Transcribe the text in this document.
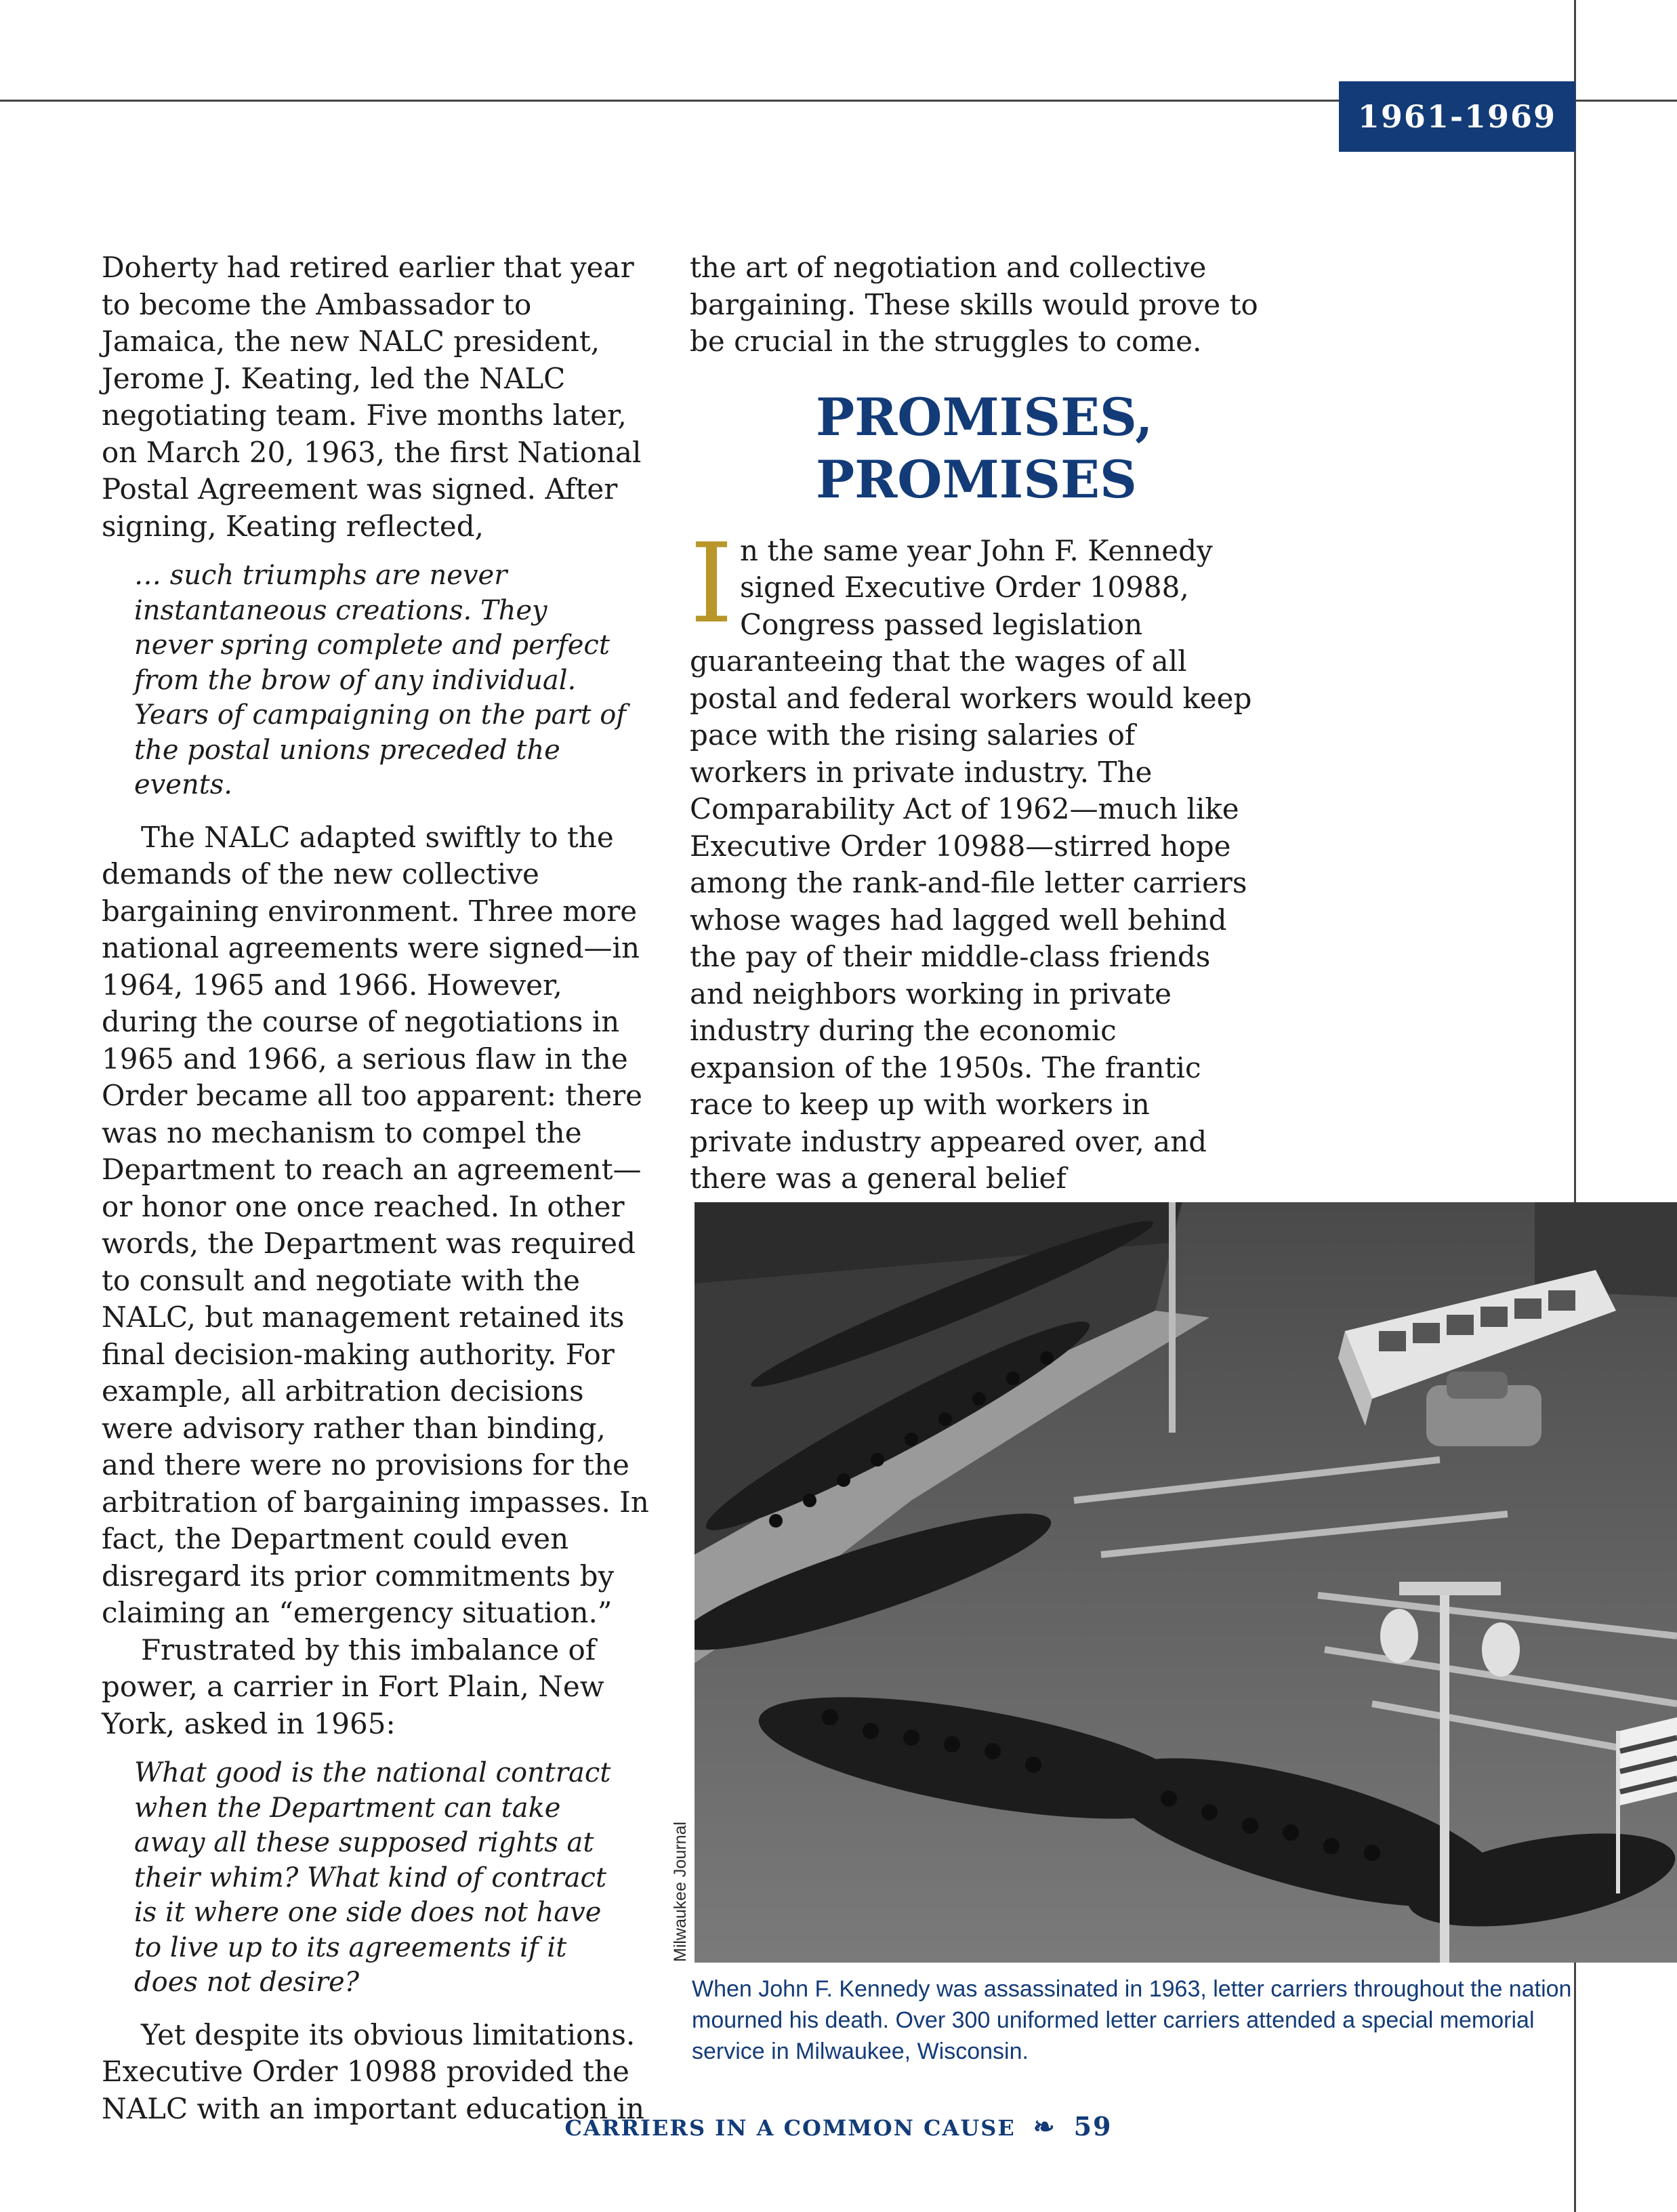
1961-1969

Doherty had retired earlier that year to become the Ambassador to Jamaica, the new NALC president, Jerome J. Keating, led the NALC negotiating team. Five months later, on March 20, 1963, the first National Postal Agreement was signed. After signing, Keating reflected,

… such triumphs are never instantaneous creations. They never spring complete and perfect from the brow of any individual. Years of campaigning on the part of the postal unions preceded the events.

The NALC adapted swiftly to the demands of the new collective bargaining environment. Three more national agreements were signed—in 1964, 1965 and 1966. However, during the course of negotiations in 1965 and 1966, a serious flaw in the Order became all too apparent: there was no mechanism to compel the Department to reach an agreement—or honor one once reached. In other words, the Department was required to consult and negotiate with the NALC, but management retained its final decision-making authority. For example, all arbitration decisions were advisory rather than binding, and there were no provisions for the arbitration of bargaining impasses. In fact, the Department could even disregard its prior commitments by claiming an “emergency situation.”

Frustrated by this imbalance of power, a carrier in Fort Plain, New York, asked in 1965:

What good is the national contract when the Department can take away all these supposed rights at their whim? What kind of contract is it where one side does not have to live up to its agreements if it does not desire?

Yet despite its obvious limitations. Executive Order 10988 provided the NALC with an important education in

the art of negotiation and collective bargaining. These skills would prove to be crucial in the struggles to come.

PROMISES,
PROMISES

In the same year John F. Kennedy signed Executive Order 10988, Congress passed legislation guaranteeing that the wages of all postal and federal workers would keep pace with the rising salaries of workers in private industry. The Comparability Act of 1962—much like Executive Order 10988—stirred hope among the rank-and-file letter carriers whose wages had lagged well behind the pay of their middle-class friends and neighbors working in private industry during the economic expansion of the 1950s. The frantic race to keep up with workers in private industry appeared over, and there was a general belief

Milwaukee Journal
When John F. Kennedy was assassinated in 1963, letter carriers throughout the nation mourned his death. Over 300 uniformed letter carriers attended a special memorial service in Milwaukee, Wisconsin.
CARRIERS IN A COMMON CAUSE ❧ 59
